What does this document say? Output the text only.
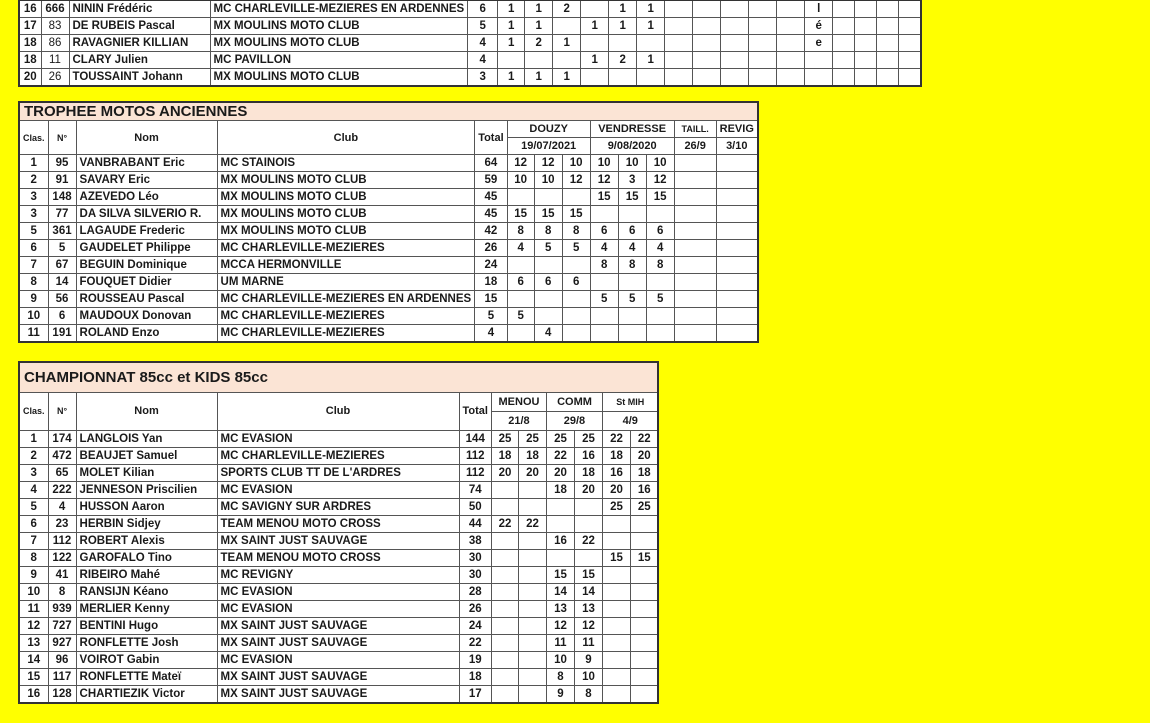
16	666	NININ Frédéric	MC CHARLEVILLE-MEZIERES EN ARDENNES	6	1	1	2		1	1						l				
17	83	DE RUBEIS Pascal	MX MOULINS MOTO CLUB	5	1	1		1	1	1						é				
18	86	RAVAGNIER KILLIAN	MX MOULINS MOTO CLUB	4	1	2	1									e				
18	11	CLARY Julien	MC PAVILLON	4				1	2	1										
20	26	TOUSSAINT Johann	MX MOULINS MOTO CLUB	3	1	1	1													
TROPHEE MOTOS ANCIENNES												
Clas.	N°	Nom	Club	Total	DOUZY			VENDRESSE			TAILL.	REVIG
					19/07/2021			9/08/2020			26/9	3/10
1	95	VANBRABANT Eric	MC STAINOIS	64	12	12	10	10	10	10		
2	91	SAVARY Eric	MX MOULINS MOTO CLUB	59	10	10	12	12	3	12		
3	148	AZEVEDO Léo	MX MOULINS MOTO CLUB	45				15	15	15		
3	77	DA SILVA SILVERIO R.	MX MOULINS MOTO CLUB	45	15	15	15					
5	361	LAGAUDE Frederic	MX MOULINS MOTO CLUB	42	8	8	8	6	6	6		
6	5	GAUDELET Philippe	MC CHARLEVILLE-MEZIERES	26	4	5	5	4	4	4		
7	67	BEGUIN Dominique	MCCA HERMONVILLE	24				8	8	8		
8	14	FOUQUET Didier	UM MARNE	18	6	6	6					
9	56	ROUSSEAU Pascal	MC CHARLEVILLE-MEZIERES EN ARDENNES	15				5	5	5		
10	6	MAUDOUX Donovan	MC CHARLEVILLE-MEZIERES	5	5							
11	191	ROLAND Enzo	MC CHARLEVILLE-MEZIERES	4		4						
CHAMPIONNAT 85cc et KIDS 85cc										
Clas.	N°	Nom	Club	Total	MENOU		COMM		St MIH	
					21/8		29/8		4/9	
1	174	LANGLOIS Yan	MC EVASION	144	25	25	25	25	22	22
2	472	BEAUJET Samuel	MC CHARLEVILLE-MEZIERES	112	18	18	22	16	18	20
3	65	MOLET Kilian	SPORTS CLUB TT DE L'ARDRES	112	20	20	20	18	16	18
4	222	JENNESON Priscilien	MC EVASION	74			18	20	20	16
5	4	HUSSON Aaron	MC SAVIGNY SUR ARDRES	50					25	25
6	23	HERBIN Sidjey	TEAM MENOU MOTO CROSS	44	22	22				
7	112	ROBERT Alexis	MX SAINT JUST SAUVAGE	38			16	22		
8	122	GAROFALO Tino	TEAM MENOU MOTO CROSS	30					15	15
9	41	RIBEIRO Mahé	MC REVIGNY	30			15	15		
10	8	RANSIJN Kéano	MC EVASION	28			14	14		
11	939	MERLIER Kenny	MC EVASION	26			13	13		
12	727	BENTINI Hugo	MX SAINT JUST SAUVAGE	24			12	12		
13	927	RONFLETTE Josh	MX SAINT JUST SAUVAGE	22			11	11		
14	96	VOIROT Gabin	MC EVASION	19			10	9		
15	117	RONFLETTE Mateï	MX SAINT JUST SAUVAGE	18			8	10		
16	128	CHARTIEZIK Victor	MX SAINT JUST SAUVAGE	17			9	8		
